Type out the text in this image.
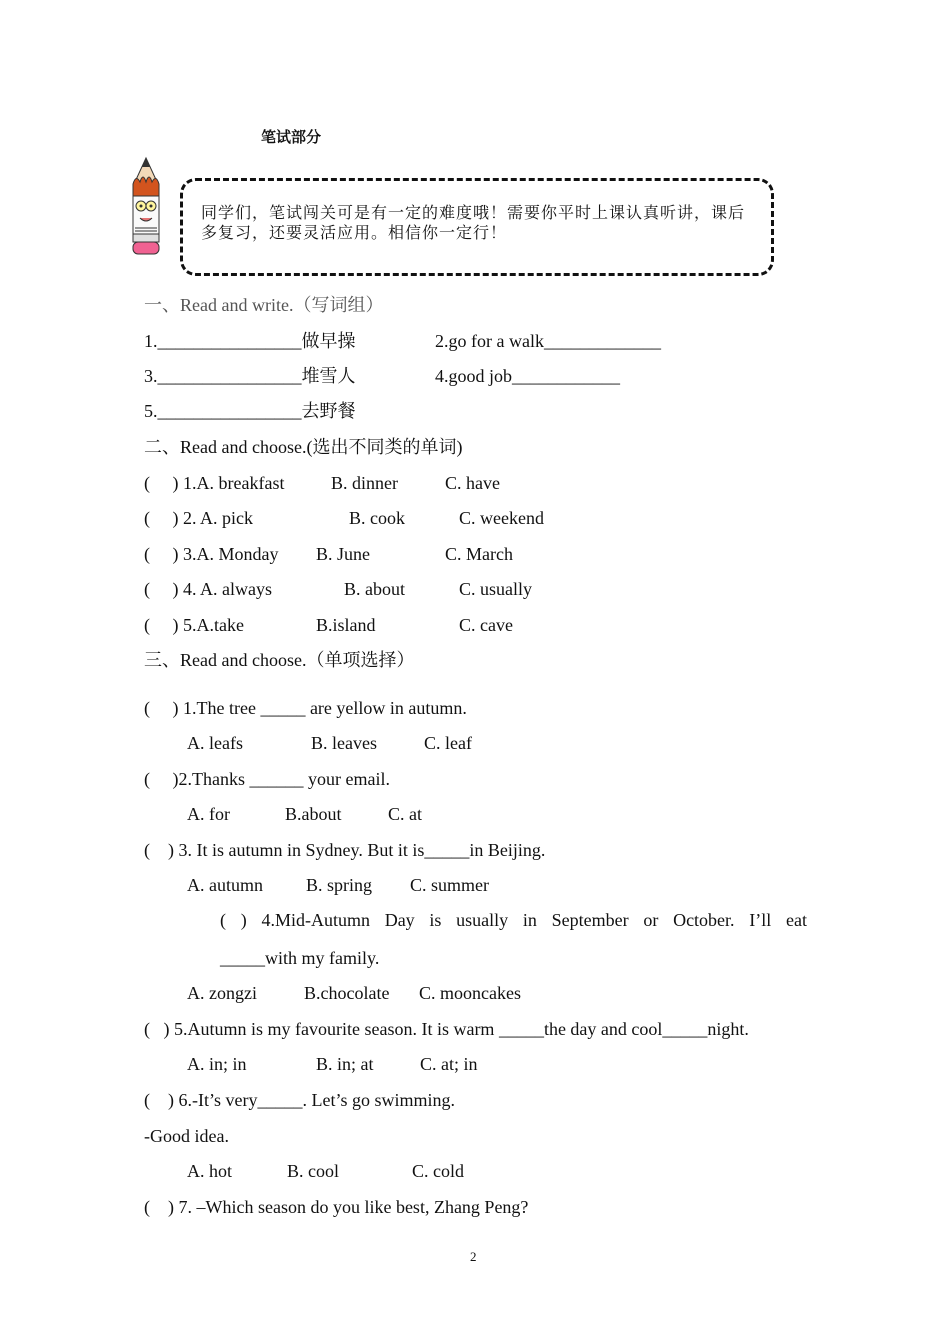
笔试部分
同学们，笔试闯关可是有一定的难度哦！需要你平时上课认真听讲，课后多复习，还要灵活应用。相信你一定行！
一、Read and write.（写词组）
1.________________做早操	2.go for a walk_____________
3.________________堆雪人	4.good job____________
5.________________去野餐
二、Read and choose.(选出不同类的单词)
(     ) 1.A. breakfast	B. dinner	C. have
(     ) 2. A. pick	B. cook	C. weekend
(     ) 3.A. Monday B. June	C. March
(     ) 4. A. always	B. about	C. usually
(     ) 5.A.take	B.island	C. cave
三、Read and choose.（单项选择）
(     ) 1.The tree _____ are yellow in autumn.
A. leafs	B. leaves	C. leaf
(     )2.Thanks ______ your email.
A. for	B.about	C. at
(    ) 3. It is autumn in Sydney. But it is_____in Beijing.
A. autumn B. spring C. summer
( ) 4.Mid-Autumn Day is usually in September or October. I’ll eat
_____with my family.
A. zongzi	B.chocolate C. mooncakes
(   ) 5.Autumn is my favourite season. It is warm _____the day and cool_____night.
A. in; in	B. in; at	C. at; in
(    ) 6.-It’s very_____. Let’s go swimming.
-Good idea.
A. hot	B. cool	C. cold
(    ) 7. –Which season do you like best, Zhang Peng?
2
